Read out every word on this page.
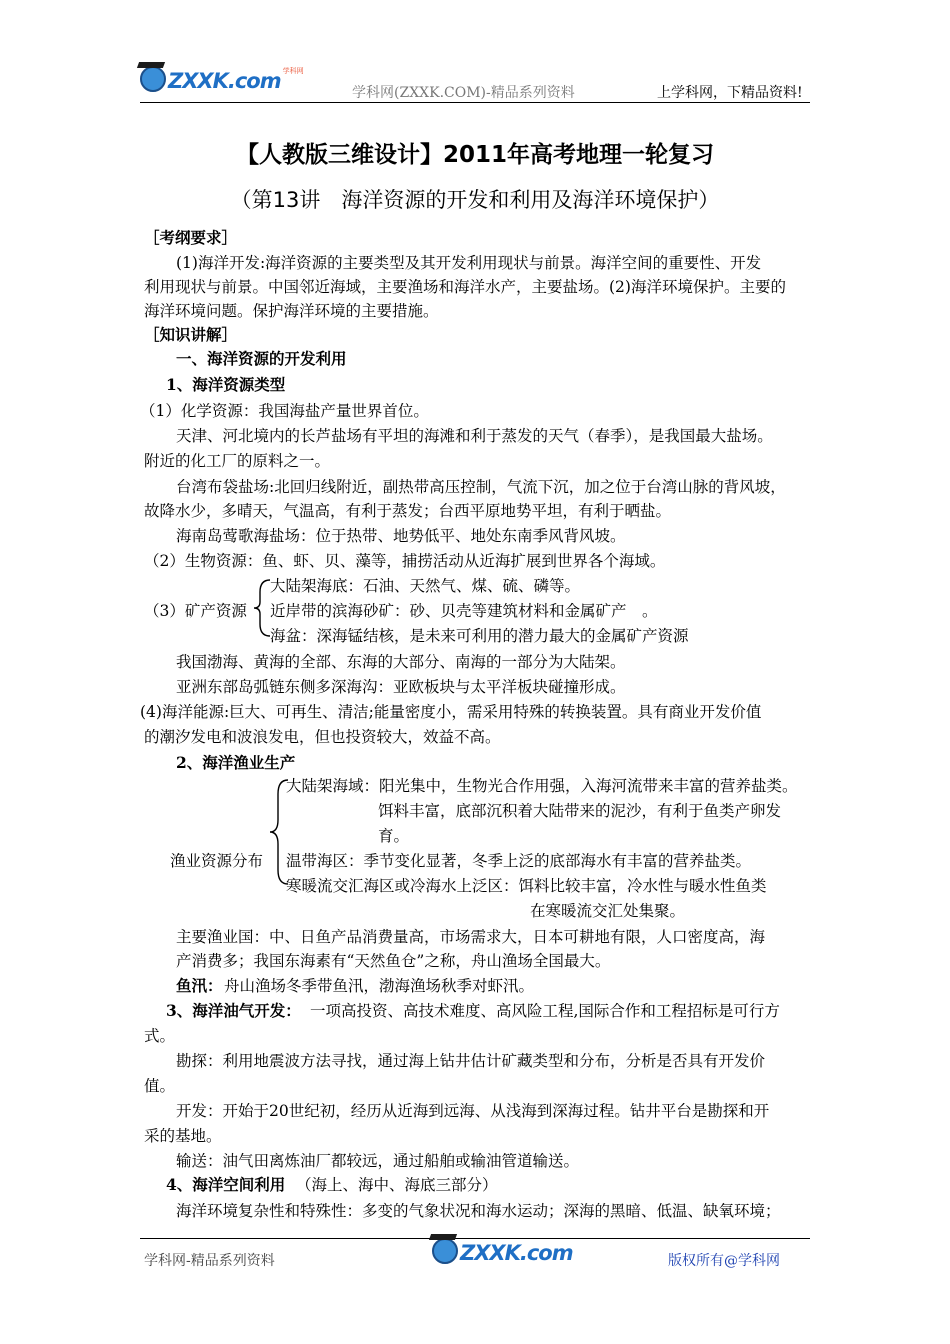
ZXXK.com 学科网
学科网(ZXXK.COM)-精品系列资料	上学科网，下精品资料!
【人教版三维设计】2011年高考地理一轮复习
（第13讲　海洋资源的开发和利用及海洋环境保护）
［考纲要求］
(1)海洋开发:海洋资源的主要类型及其开发利用现状与前景。海洋空间的重要性、开发
利用现状与前景。中国邻近海域，主要渔场和海洋水产，主要盐场。(2)海洋环境保护。主要的
海洋环境问题。保护海洋环境的主要措施。
［知识讲解］
一、海洋资源的开发利用
1、海洋资源类型
（1）化学资源：我国海盐产量世界首位。
天津、河北境内的长芦盐场有平坦的海滩和利于蒸发的天气（春季），是我国最大盐场。
附近的化工厂的原料之一。
台湾布袋盐场:北回归线附近，副热带高压控制，气流下沉，加之位于台湾山脉的背风坡，
故降水少，多晴天，气温高，有利于蒸发；台西平原地势平坦，有利于晒盐。
海南岛莺歌海盐场：位于热带、地势低平、地处东南季风背风坡。
（2）生物资源：鱼、虾、贝、藻等，捕捞活动从近海扩展到世界各个海域。
大陆架海底：石油、天然气、煤、硫、磷等。
（3）矿产资源 近岸带的滨海砂矿：砂、贝壳等建筑材料和金属矿产　。
海盆：深海锰结核，是未来可利用的潜力最大的金属矿产资源
我国渤海、黄海的全部、东海的大部分、南海的一部分为大陆架。
亚洲东部岛弧链东侧多深海沟：亚欧板块与太平洋板块碰撞形成。
(4)海洋能源:巨大、可再生、清洁;能量密度小，需采用特殊的转换装置。具有商业开发价值
的潮汐发电和波浪发电，但也投资较大，效益不高。
2、海洋渔业生产
大陆架海域：阳光集中，生物光合作用强，入海河流带来丰富的营养盐类。
饵料丰富，底部沉积着大陆带来的泥沙，有利于鱼类产卵发
育。
渔业资源分布 温带海区：季节变化显著，冬季上泛的底部海水有丰富的营养盐类。
寒暖流交汇海区或冷海水上泛区：饵料比较丰富，冷水性与暖水性鱼类
在寒暖流交汇处集聚。
主要渔业国：中、日鱼产品消费量高，市场需求大，日本可耕地有限，人口密度高，海
产消费多；我国东海素有“天然鱼仓”之称，舟山渔场全国最大。
鱼汛： 舟山渔场冬季带鱼汛，渤海渔场秋季对虾汛。
3、海洋油气开发： 一项高投资、高技术难度、高风险工程,国际合作和工程招标是可行方
式。
勘探：利用地震波方法寻找，通过海上钻井估计矿藏类型和分布，分析是否具有开发价
值。
开发：开始于20世纪初，经历从近海到远海、从浅海到深海过程。钻井平台是勘探和开
采的基地。
输送：油气田离炼油厂都较远，通过船舶或输油管道输送。
4、海洋空间利用 （海上、海中、海底三部分）
海洋环境复杂性和特殊性：多变的气象状况和海水运动；深海的黑暗、低温、缺氧环境；
学科网-精品系列资料	ZXXK.com	版权所有@学科网
